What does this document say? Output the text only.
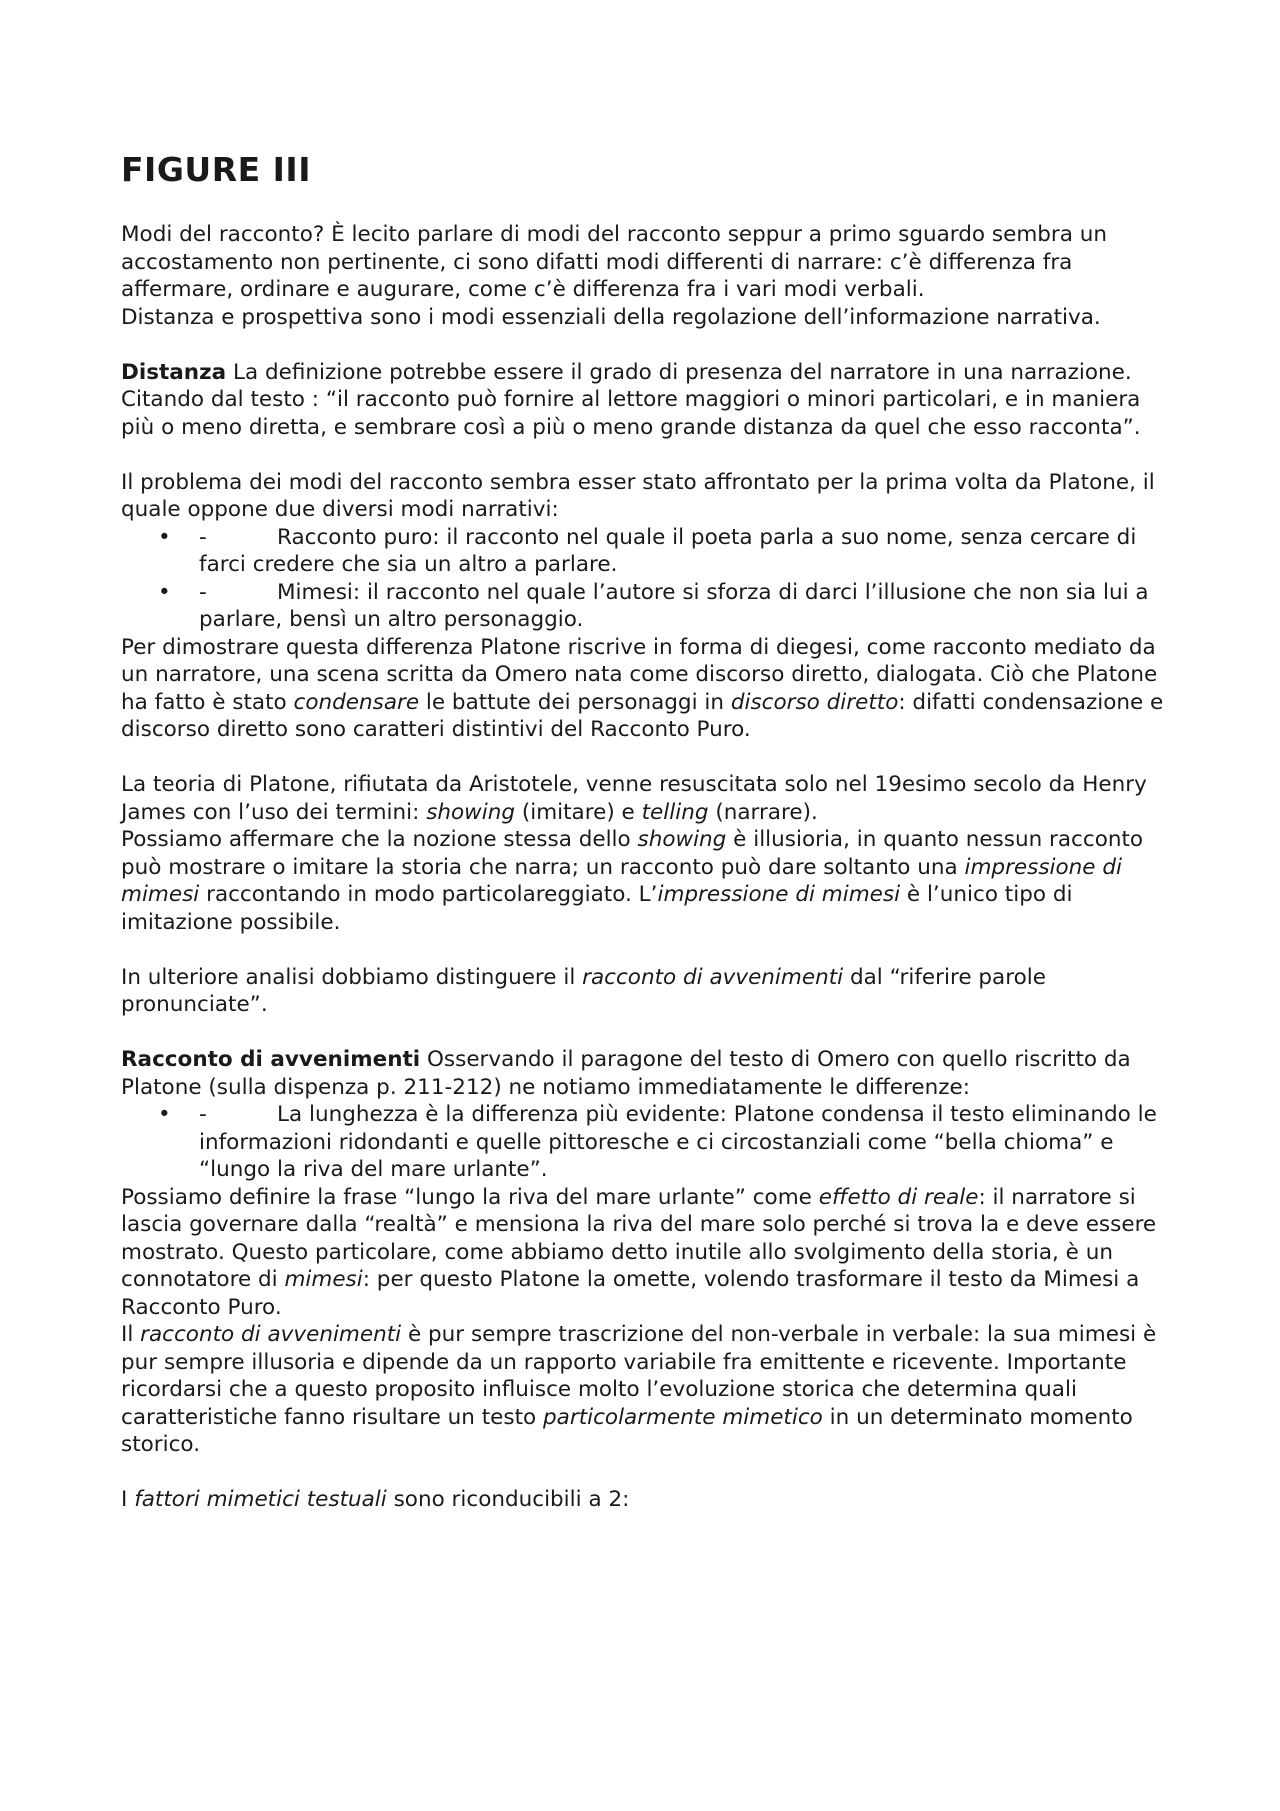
FIGURE III

Modi del racconto? È lecito parlare di modi del racconto seppur a primo sguardo sembra un accostamento non pertinente, ci sono difatti modi differenti di narrare: c’è differenza fra affermare, ordinare e augurare, come c’è differenza fra i vari modi verbali.

Distanza e prospettiva sono i modi essenziali della regolazione dell’informazione narrativa.

Distanza La definizione potrebbe essere il grado di presenza del narratore in una narrazione. Citando dal testo : “il racconto può fornire al lettore maggiori o minori particolari, e in maniera più o meno diretta, e sembrare così a più o meno grande distanza da quel che esso racconta”.

Il problema dei modi del racconto sembra esser stato affrontato per la prima volta da Platone, il quale oppone due diversi modi narrativi:

• -	Racconto puro: il racconto nel quale il poeta parla a suo nome, senza cercare di farci credere che sia un altro a parlare.
• -	Mimesi: il racconto nel quale l’autore si sforza di darci l’illusione che non sia lui a parlare, bensì un altro personaggio.

Per dimostrare questa differenza Platone riscrive in forma di diegesi, come racconto mediato da un narratore, una scena scritta da Omero nata come discorso diretto, dialogata. Ciò che Platone ha fatto è stato condensare le battute dei personaggi in discorso diretto: difatti condensazione e discorso diretto sono caratteri distintivi del Racconto Puro.

La teoria di Platone, rifiutata da Aristotele, venne resuscitata solo nel 19esimo secolo da Henry James con l’uso dei termini: showing (imitare) e telling (narrare).

Possiamo affermare che la nozione stessa dello showing è illusioria, in quanto nessun racconto può mostrare o imitare la storia che narra; un racconto può dare soltanto una impressione di mimesi raccontando in modo particolareggiato. L’impressione di mimesi è l’unico tipo di imitazione possibile.

In ulteriore analisi dobbiamo distinguere il racconto di avvenimenti dal “riferire parole pronunciate”.

Racconto di avvenimenti Osservando il paragone del testo di Omero con quello riscritto da Platone (sulla dispenza p. 211-212) ne notiamo immediatamente le differenze:

• -	La lunghezza è la differenza più evidente: Platone condensa il testo eliminando le informazioni ridondanti e quelle pittoresche e ci circostanziali come “bella chioma” e “lungo la riva del mare urlante”.

Possiamo definire la frase “lungo la riva del mare urlante” come effetto di reale: il narratore si lascia governare dalla “realtà” e mensiona la riva del mare solo perché si trova la e deve essere mostrato. Questo particolare, come abbiamo detto inutile allo svolgimento della storia, è un connotatore di mimesi: per questo Platone la omette, volendo trasformare il testo da Mimesi a Racconto Puro.

Il racconto di avvenimenti è pur sempre trascrizione del non-verbale in verbale: la sua mimesi è pur sempre illusoria e dipende da un rapporto variabile fra emittente e ricevente. Importante ricordarsi che a questo proposito influisce molto l’evoluzione storica che determina quali caratteristiche fanno risultare un testo particolarmente mimetico in un determinato momento storico.

I fattori mimetici testuali sono riconducibili a 2:
